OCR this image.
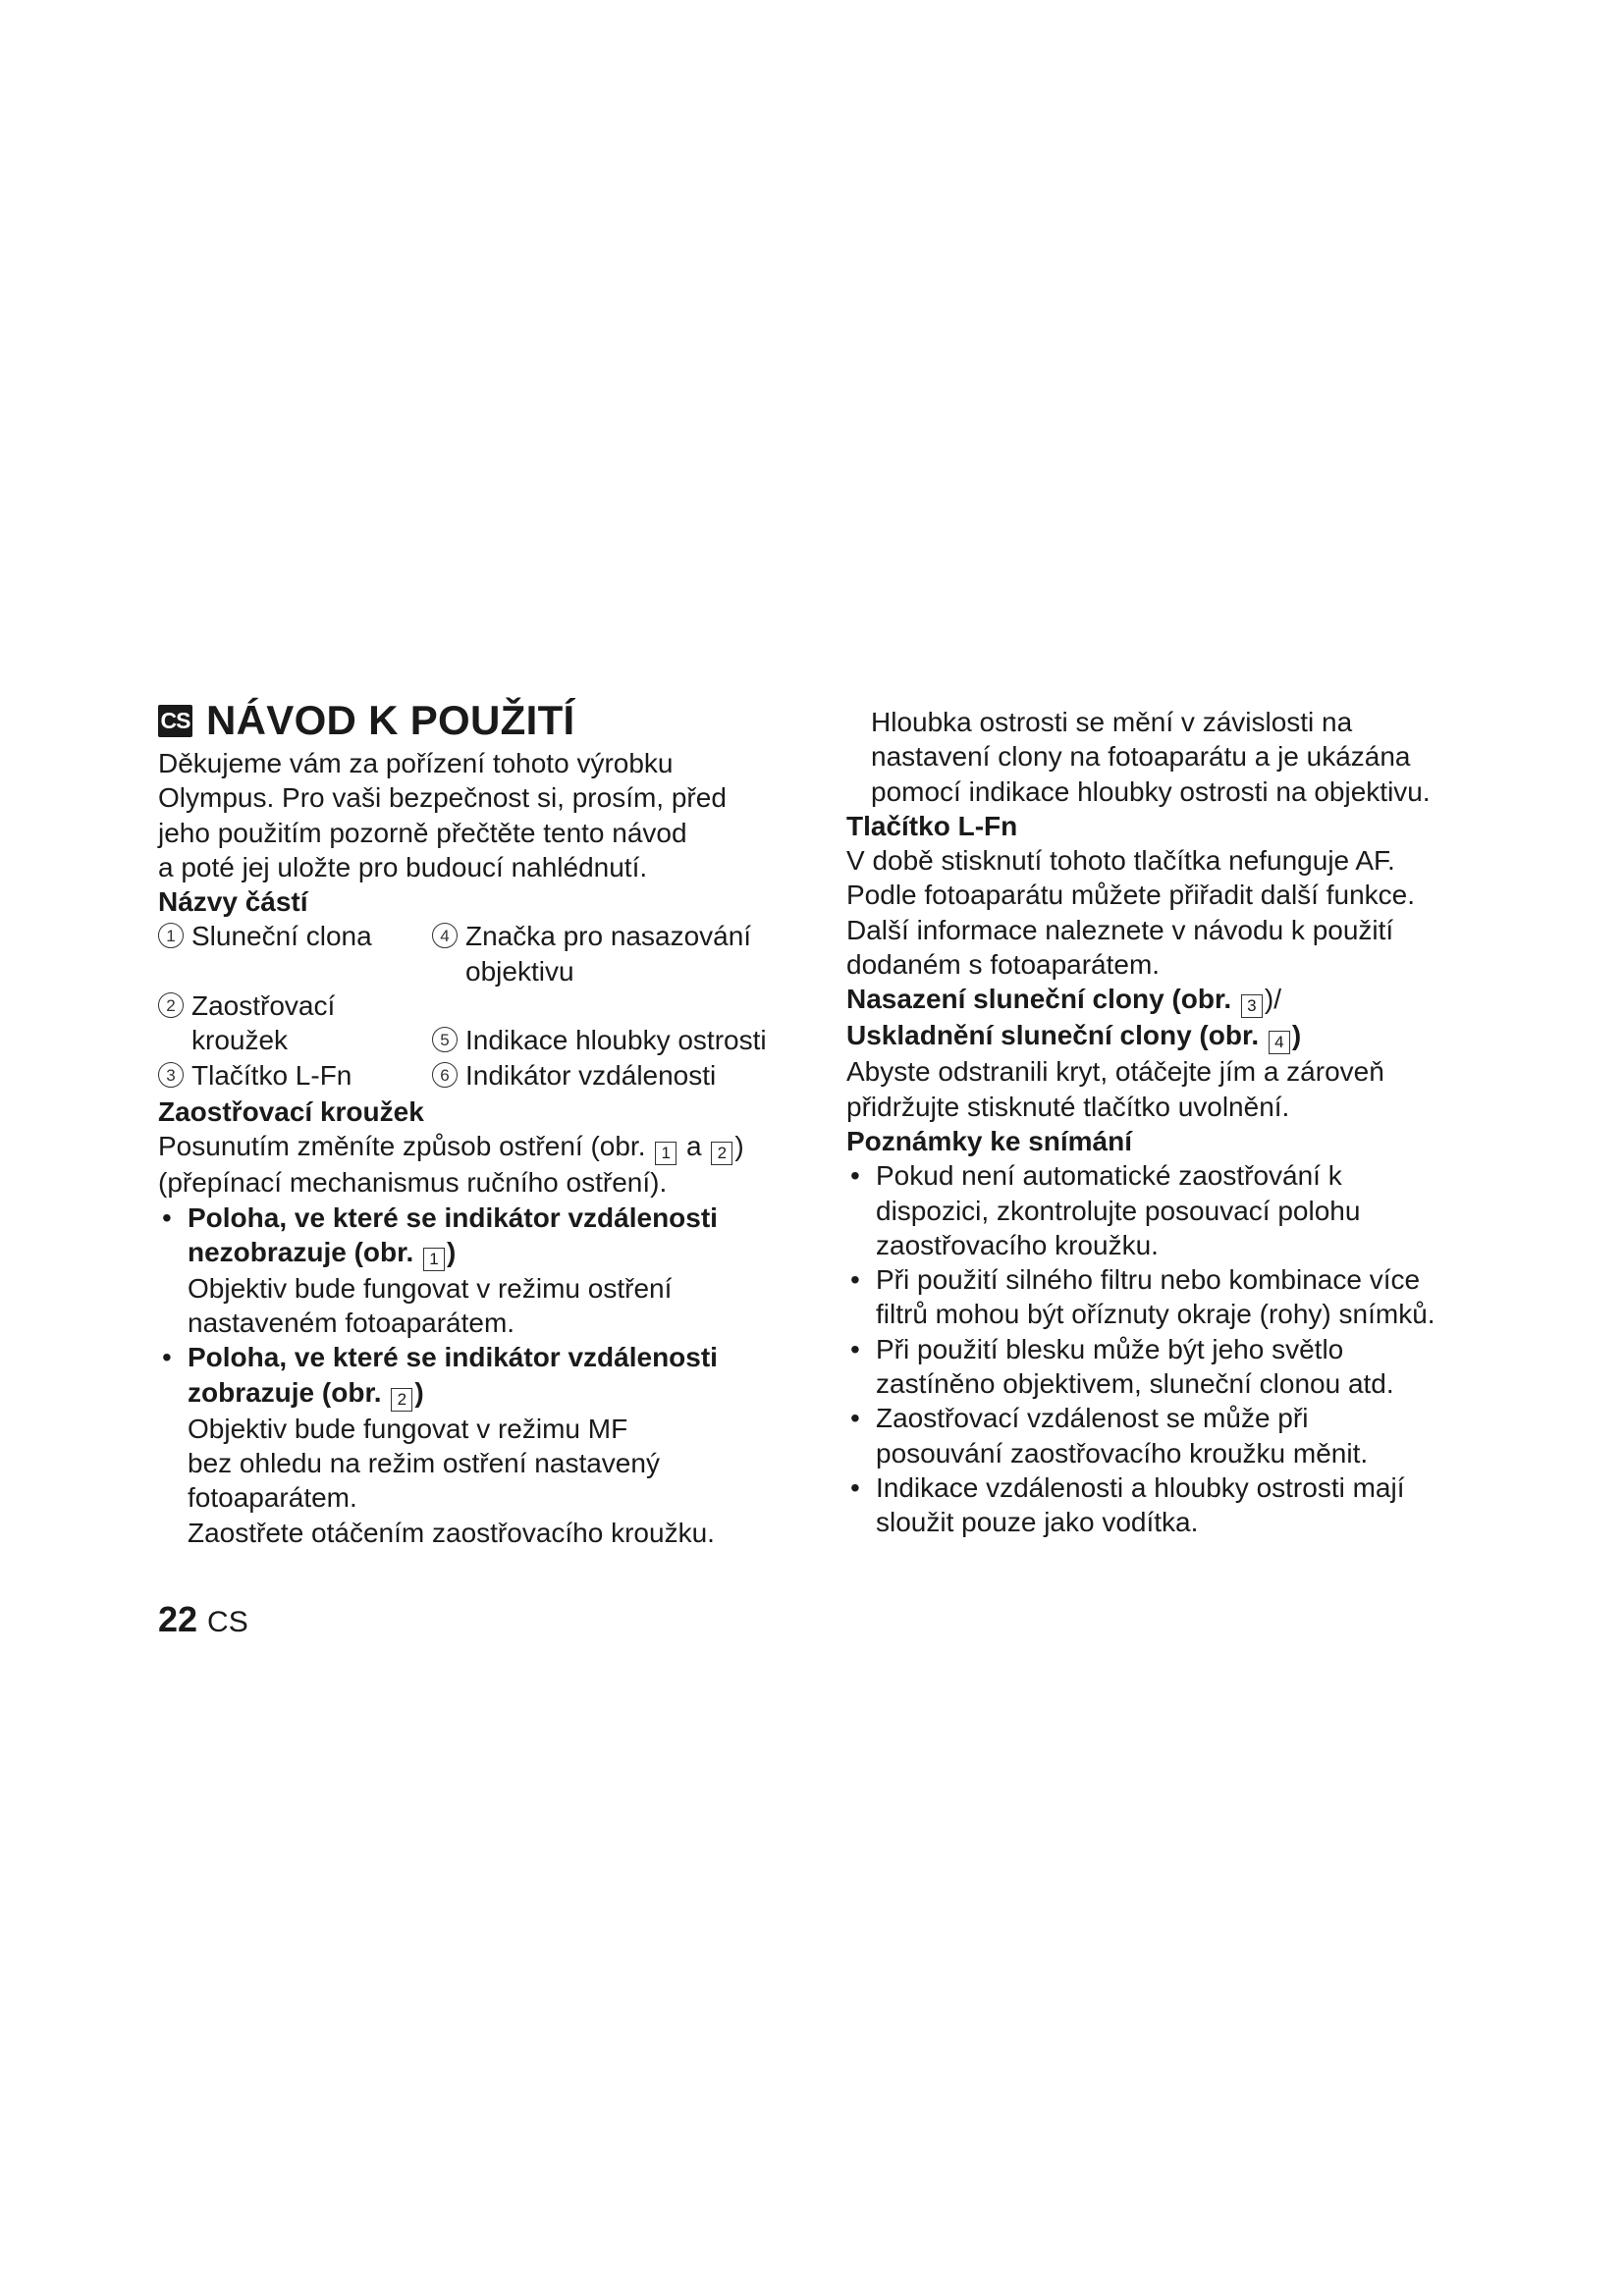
CS NÁVOD K POUŽITÍ
Děkujeme vám za pořízení tohoto výrobku
Olympus. Pro vaši bezpečnost si, prosím, před
jeho použitím pozorně přečtěte tento návod
a poté jej uložte pro budoucí nahlédnutí.
Názvy částí
1 Sluneční clona	4 Značka pro nasazování
objektivu
2 Zaostřovací
kroužek	5 Indikace hloubky ostrosti
3 Tlačítko L-Fn	6 Indikátor vzdálenosti
Zaostřovací kroužek
Posunutím změníte způsob ostření (obr. 1 a 2 )
(přepínací mechanismus ručního ostření).
• Poloha, ve které se indikátor vzdálenosti
nezobrazuje (obr. 1 )
Objektiv bude fungovat v režimu ostření
nastaveném fotoaparátem.
• Poloha, ve které se indikátor vzdálenosti
zobrazuje (obr. 2 )
Objektiv bude fungovat v režimu MF
bez ohledu na režim ostření nastavený
fotoaparátem.
Zaostřete otáčením zaostřovacího kroužku.
Hloubka ostrosti se mění v závislosti na
nastavení clony na fotoaparátu a je ukázána
pomocí indikace hloubky ostrosti na objektivu.
Tlačítko L-Fn
V době stisknutí tohoto tlačítka nefunguje AF.
Podle fotoaparátu můžete přiřadit další funkce.
Další informace naleznete v návodu k použití
dodaném s fotoaparátem.
Nasazení sluneční clony (obr. 3 )/
Uskladnění sluneční clony (obr. 4 )
Abyste odstranili kryt, otáčejte jím a zároveň
přidržujte stisknuté tlačítko uvolnění.
Poznámky ke snímání
• Pokud není automatické zaostřování k
dispozici, zkontrolujte posouvací polohu
zaostřovacího kroužku.
• Při použití silného filtru nebo kombinace více
filtrů mohou být oříznuty okraje (rohy) snímků.
• Při použití blesku může být jeho světlo
zastíněno objektivem, sluneční clonou atd.
• Zaostřovací vzdálenost se může při
posouvání zaostřovacího kroužku měnit.
• Indikace vzdálenosti a hloubky ostrosti mají
sloužit pouze jako vodítka.
22 CS
